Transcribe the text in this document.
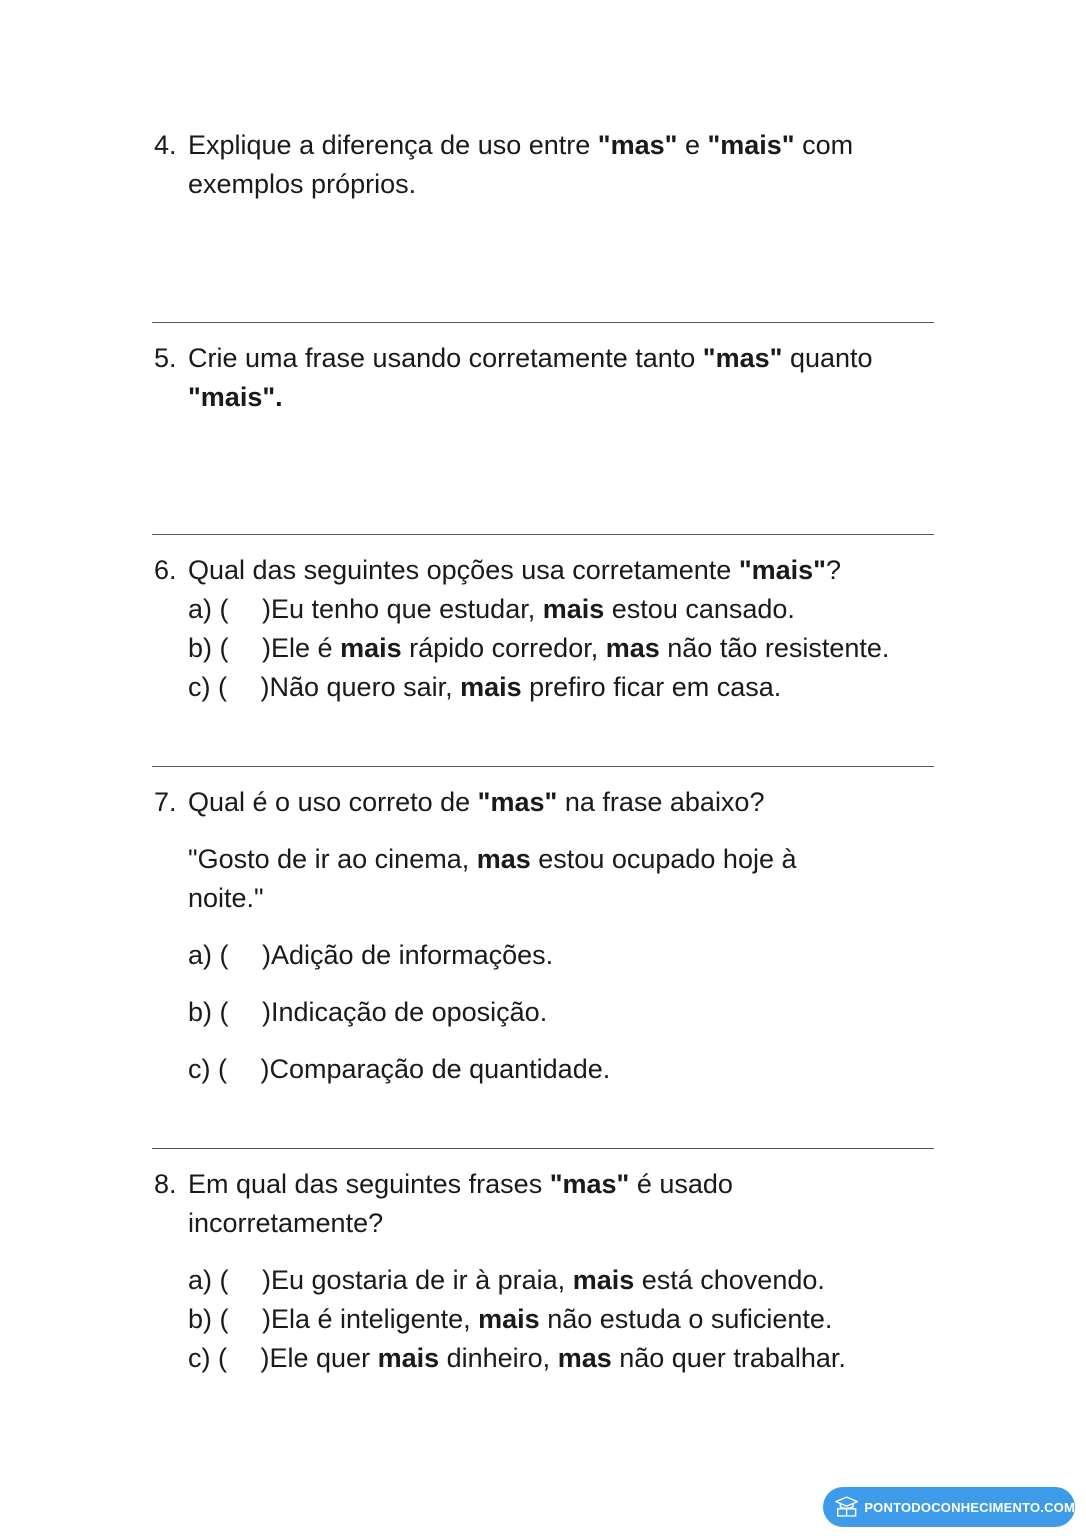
4. Explique a diferença de uso entre "mas" e "mais" com
exemplos próprios.
5. Crie uma frase usando corretamente tanto "mas" quanto
"mais".
6. Qual das seguintes opções usa corretamente "mais"?
a) ( )Eu tenho que estudar, mais estou cansado.
b) ( )Ele é mais rápido corredor, mas não tão resistente.
c) ( )Não quero sair, mais prefiro ficar em casa.
7. Qual é o uso correto de "mas" na frase abaixo?
"Gosto de ir ao cinema, mas estou ocupado hoje à
noite."
a) ( )Adição de informações.
b) ( )Indicação de oposição.
c) ( )Comparação de quantidade.
8. Em qual das seguintes frases "mas" é usado
incorretamente?
a) ( )Eu gostaria de ir à praia, mais está chovendo.
b) ( )Ela é inteligente, mais não estuda o suficiente.
c) ( )Ele quer mais dinheiro, mas não quer trabalhar.
PONTODOCONHECIMENTO.COM
